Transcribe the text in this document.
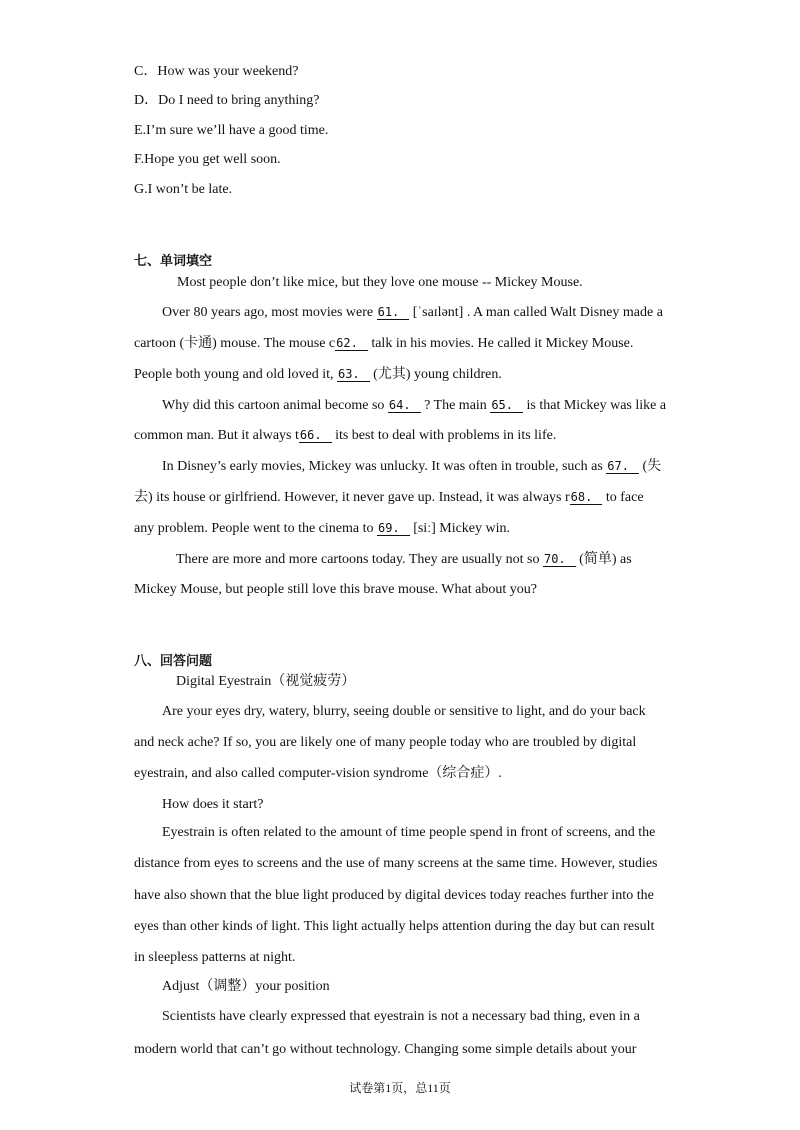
C．How was your weekend?
D．Do I need to bring anything?
E.I’m sure we’ll have a good time.
F.Hope you get well soon.
G.I won’t be late.
七、单词填空
Most people don’t like mice, but they love one mouse -- Mickey Mouse.
Over 80 years ago, most movies were 61. [ˈsaɪlənt] . A man called Walt Disney made a
cartoon (卡通) mouse. The mouse c62. talk in his movies. He called it Mickey Mouse.
People both young and old loved it, 63. (尤其) young children.
Why did this cartoon animal become so 64. ? The main 65. is that Mickey was like a
common man. But it always t66. its best to deal with problems in its life.
In Disney’s early movies, Mickey was unlucky. It was often in trouble, such as 67. (失
去) its house or girlfriend. However, it never gave up. Instead, it was always r68. to face
any problem. People went to the cinema to 69. [siː] Mickey win.
There are more and more cartoons today. They are usually not so 70. (简单) as
Mickey Mouse, but people still love this brave mouse. What about you?
八、回答问题
Digital Eyestrain（视觉疲劳）
Are your eyes dry, watery, blurry, seeing double or sensitive to light, and do your back
and neck ache? If so, you are likely one of many people today who are troubled by digital
eyestrain, and also called computer-vision syndrome（综合症）.
How does it start?
Eyestrain is often related to the amount of time people spend in front of screens, and the
distance from eyes to screens and the use of many screens at the same time. However, studies
have also shown that the blue light produced by digital devices today reaches further into the
eyes than other kinds of light. This light actually helps attention during the day but can result
in sleepless patterns at night.
Adjust（调整）your position
Scientists have clearly expressed that eyestrain is not a necessary bad thing, even in a
modern world that can’t go without technology. Changing some simple details about your
试卷第1页，总11页
